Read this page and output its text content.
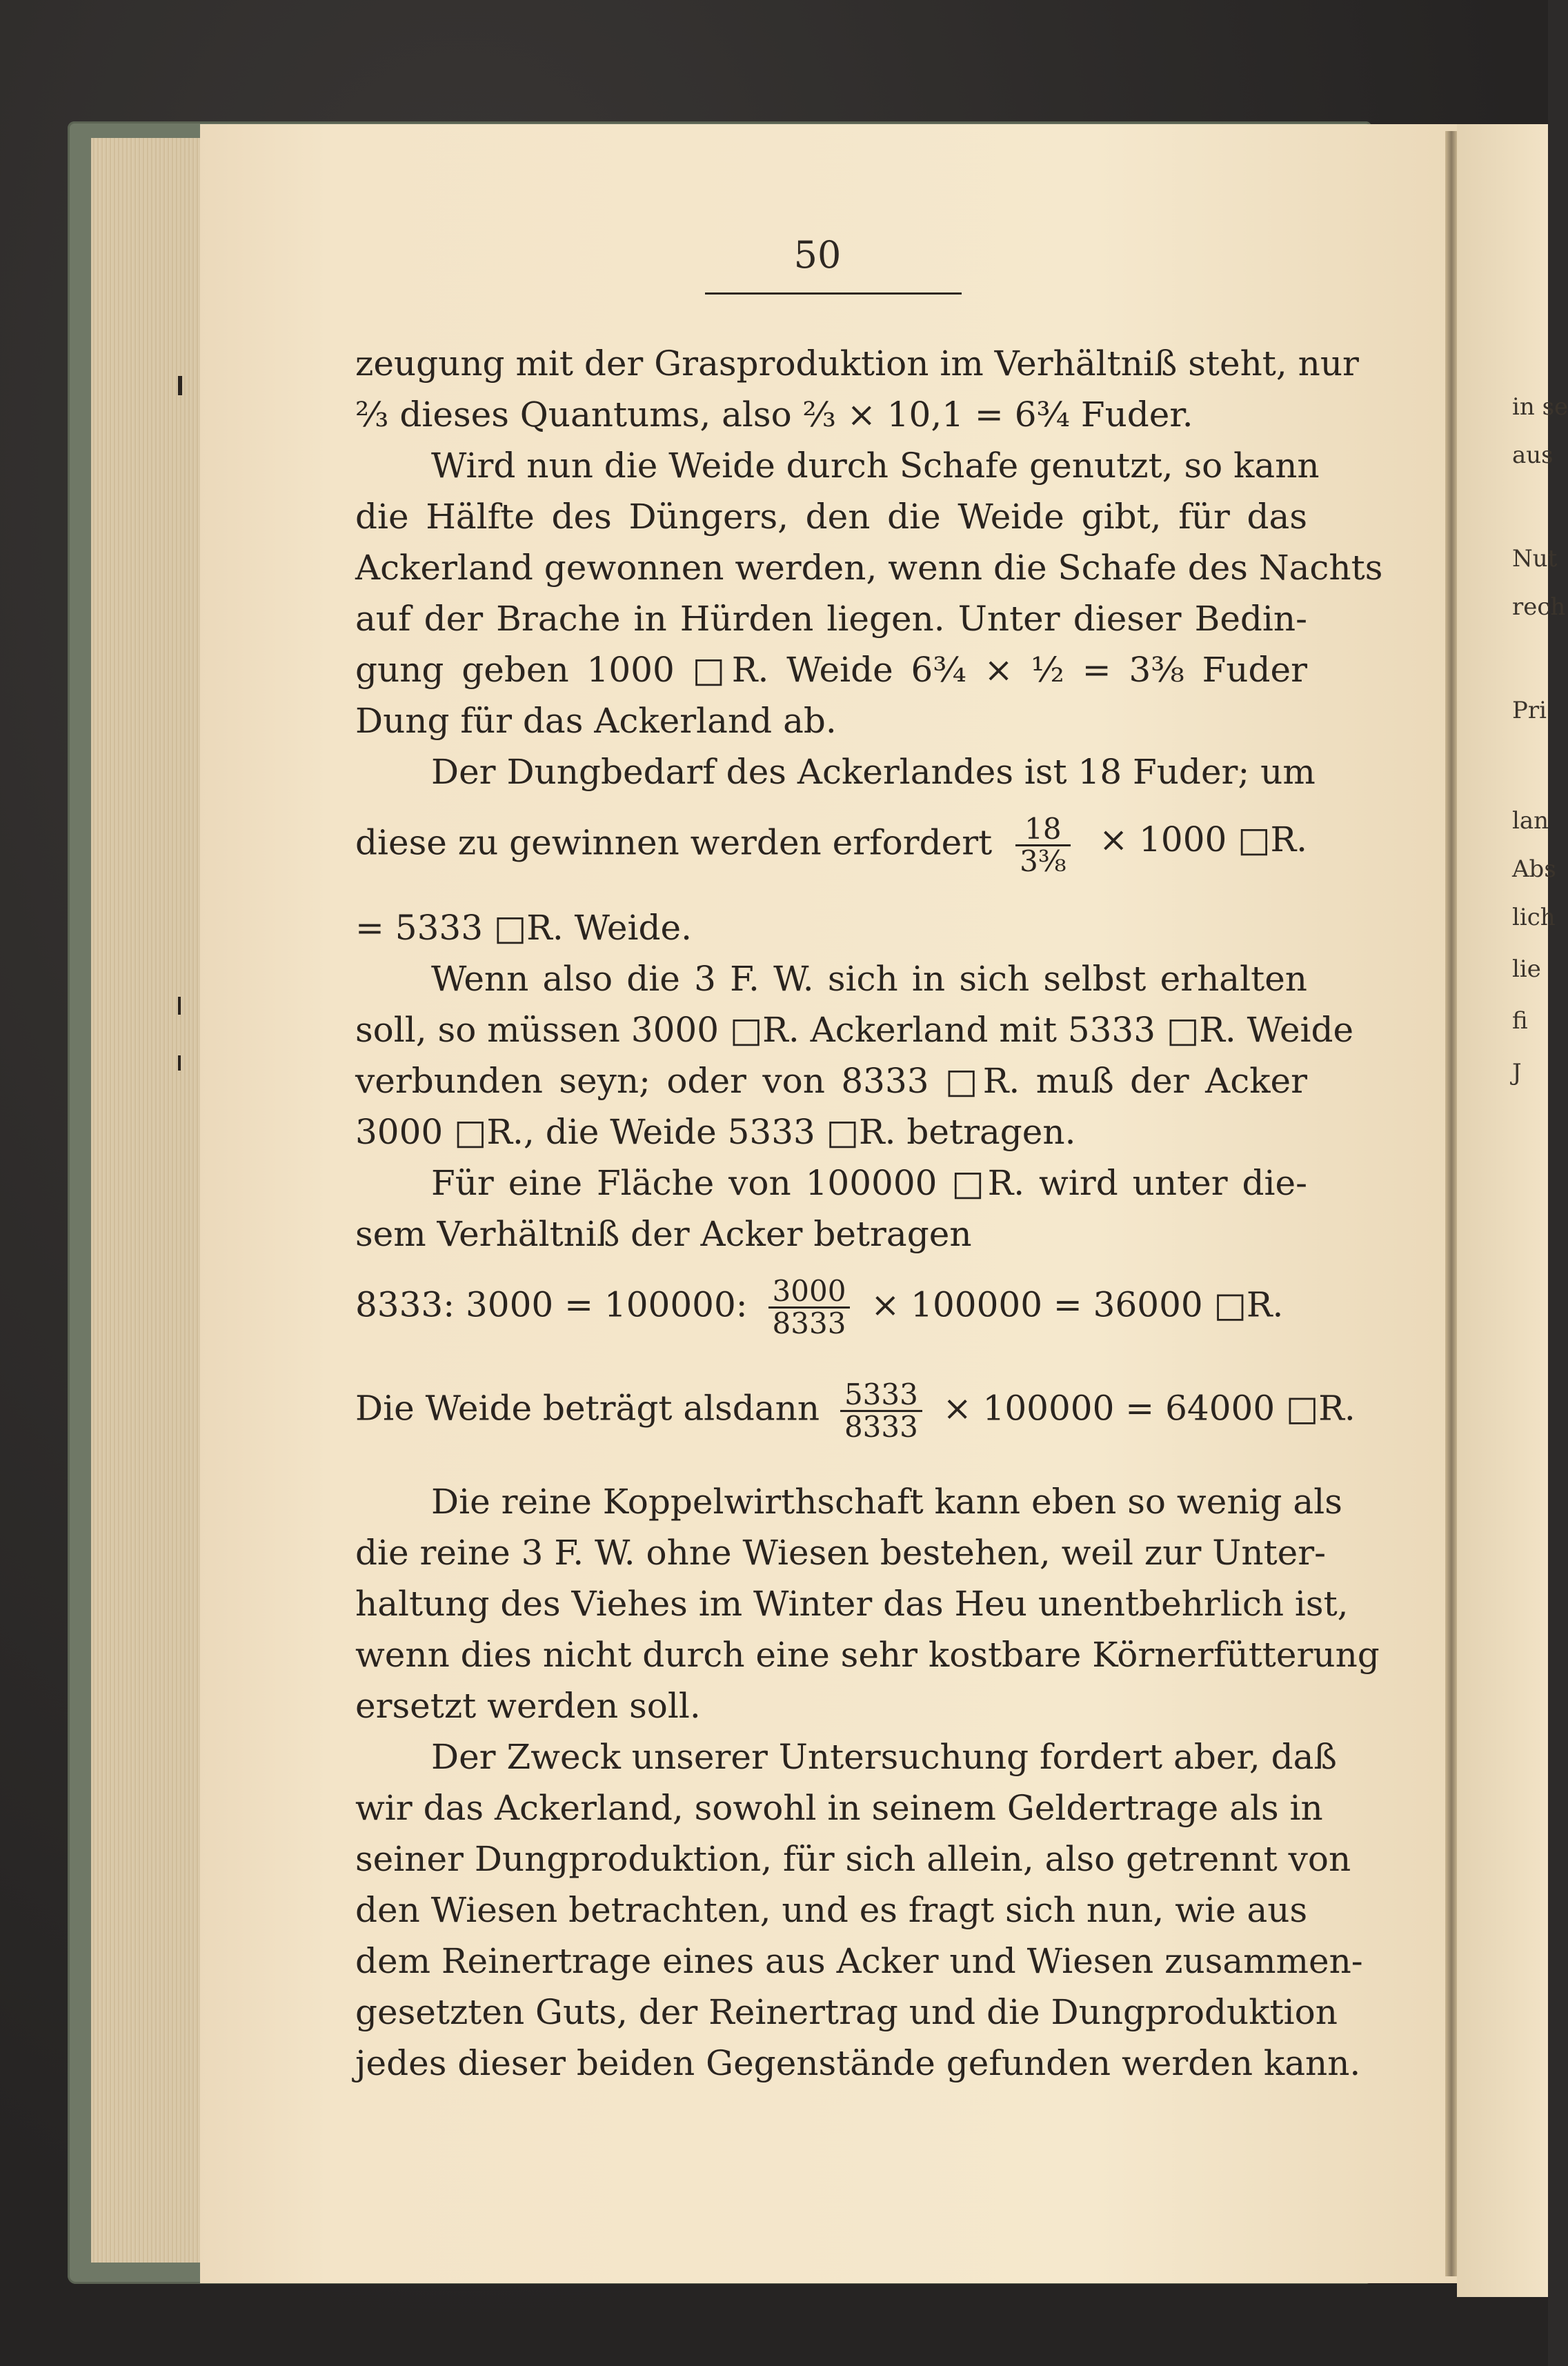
in se
aus
Nut
rech
Pri
lan
Abs
lich
lie
fi
J
50
zeugung mit der Grasproduktion im Verhältniß steht, nur
⅔ dieses Quantums, also ⅔ × 10,1 = 6¾ Fuder.
Wird nun die Weide durch Schafe genutzt, so kann
die Hälfte des Düngers, den die Weide gibt, für das
Ackerland gewonnen werden, wenn die Schafe des Nachts
auf der Brache in Hürden liegen. Unter dieser Bedin-
gung geben 1000 □R. Weide 6¾ × ½ = 3⅜ Fuder
Dung für das Ackerland ab.
Der Dungbedarf des Ackerlandes ist 18 Fuder; um
diese zu gewinnen werden erfordert $\frac{18}{\text{3⅜}} \times 1000$ □R.
= 5333 □R. Weide.
Wenn also die 3 F. W. sich in sich selbst erhalten
soll, so müssen 3000 □R. Ackerland mit 5333 □R. Weide
verbunden seyn; oder von 8333 □R. muß der Acker
3000 □R., die Weide 5333 □R. betragen.
Für eine Fläche von 100000 □R. wird unter die-
sem Verhältniß der Acker betragen
8333: 3000 = 100000: $\frac{3000}{8333} \times 100000 = 36000$ □R.
Die Weide beträgt alsdann $\frac{5333}{8333} \times 100000 = 64000$ □R.
Die reine Koppelwirthschaft kann eben so wenig als
die reine 3 F. W. ohne Wiesen bestehen, weil zur Unter-
haltung des Viehes im Winter das Heu unentbehrlich ist,
wenn dies nicht durch eine sehr kostbare Körnerfütterung
ersetzt werden soll.
Der Zweck unserer Untersuchung fordert aber, daß
wir das Ackerland, sowohl in seinem Geldertrage als in
seiner Dungproduktion, für sich allein, also getrennt von
den Wiesen betrachten, und es fragt sich nun, wie aus
dem Reinertrage eines aus Acker und Wiesen zusammen-
gesetzten Guts, der Reinertrag und die Dungproduktion
jedes dieser beiden Gegenstände gefunden werden kann.
